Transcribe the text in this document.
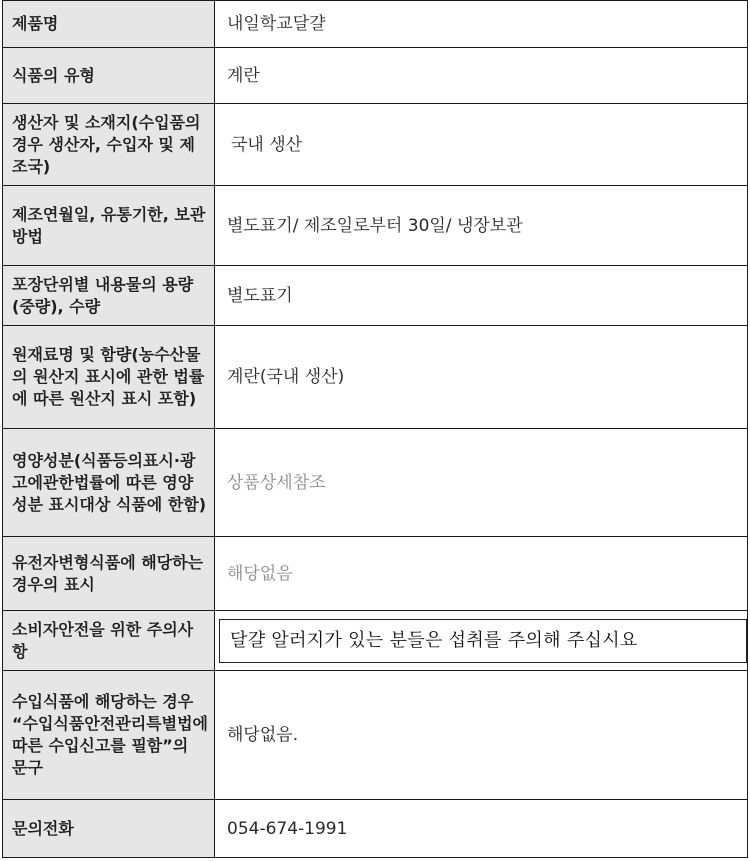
제품명	내일학교달걀
식품의 유형	계란
생산자 및 소재지(수입품의 경우 생산자, 수입자 및 제조국)	국내 생산
제조연월일, 유통기한, 보관방법	별도표기/ 제조일로부터 30일/ 냉장보관
포장단위별 내용물의 용량(중량), 수량	별도표기
원재료명 및 함량(농수산물의 원산지 표시에 관한 법률에 따른 원산지 표시 포함)	계란(국내 생산)
영양성분(식품등의표시·광고에관한법률에 따른 영양성분 표시대상 식품에 한함)	상품상세참조
유전자변형식품에 해당하는 경우의 표시	해당없음
소비자안전을 위한 주의사항	달걀 알러지가 있는 분들은 섭취를 주의해 주십시요

수입식품에 해당하는 경우 “수입식품안전관리특별법에 따른 수입신고를 필함”의 문구	해당없음.
문의전화	054-674-1991
